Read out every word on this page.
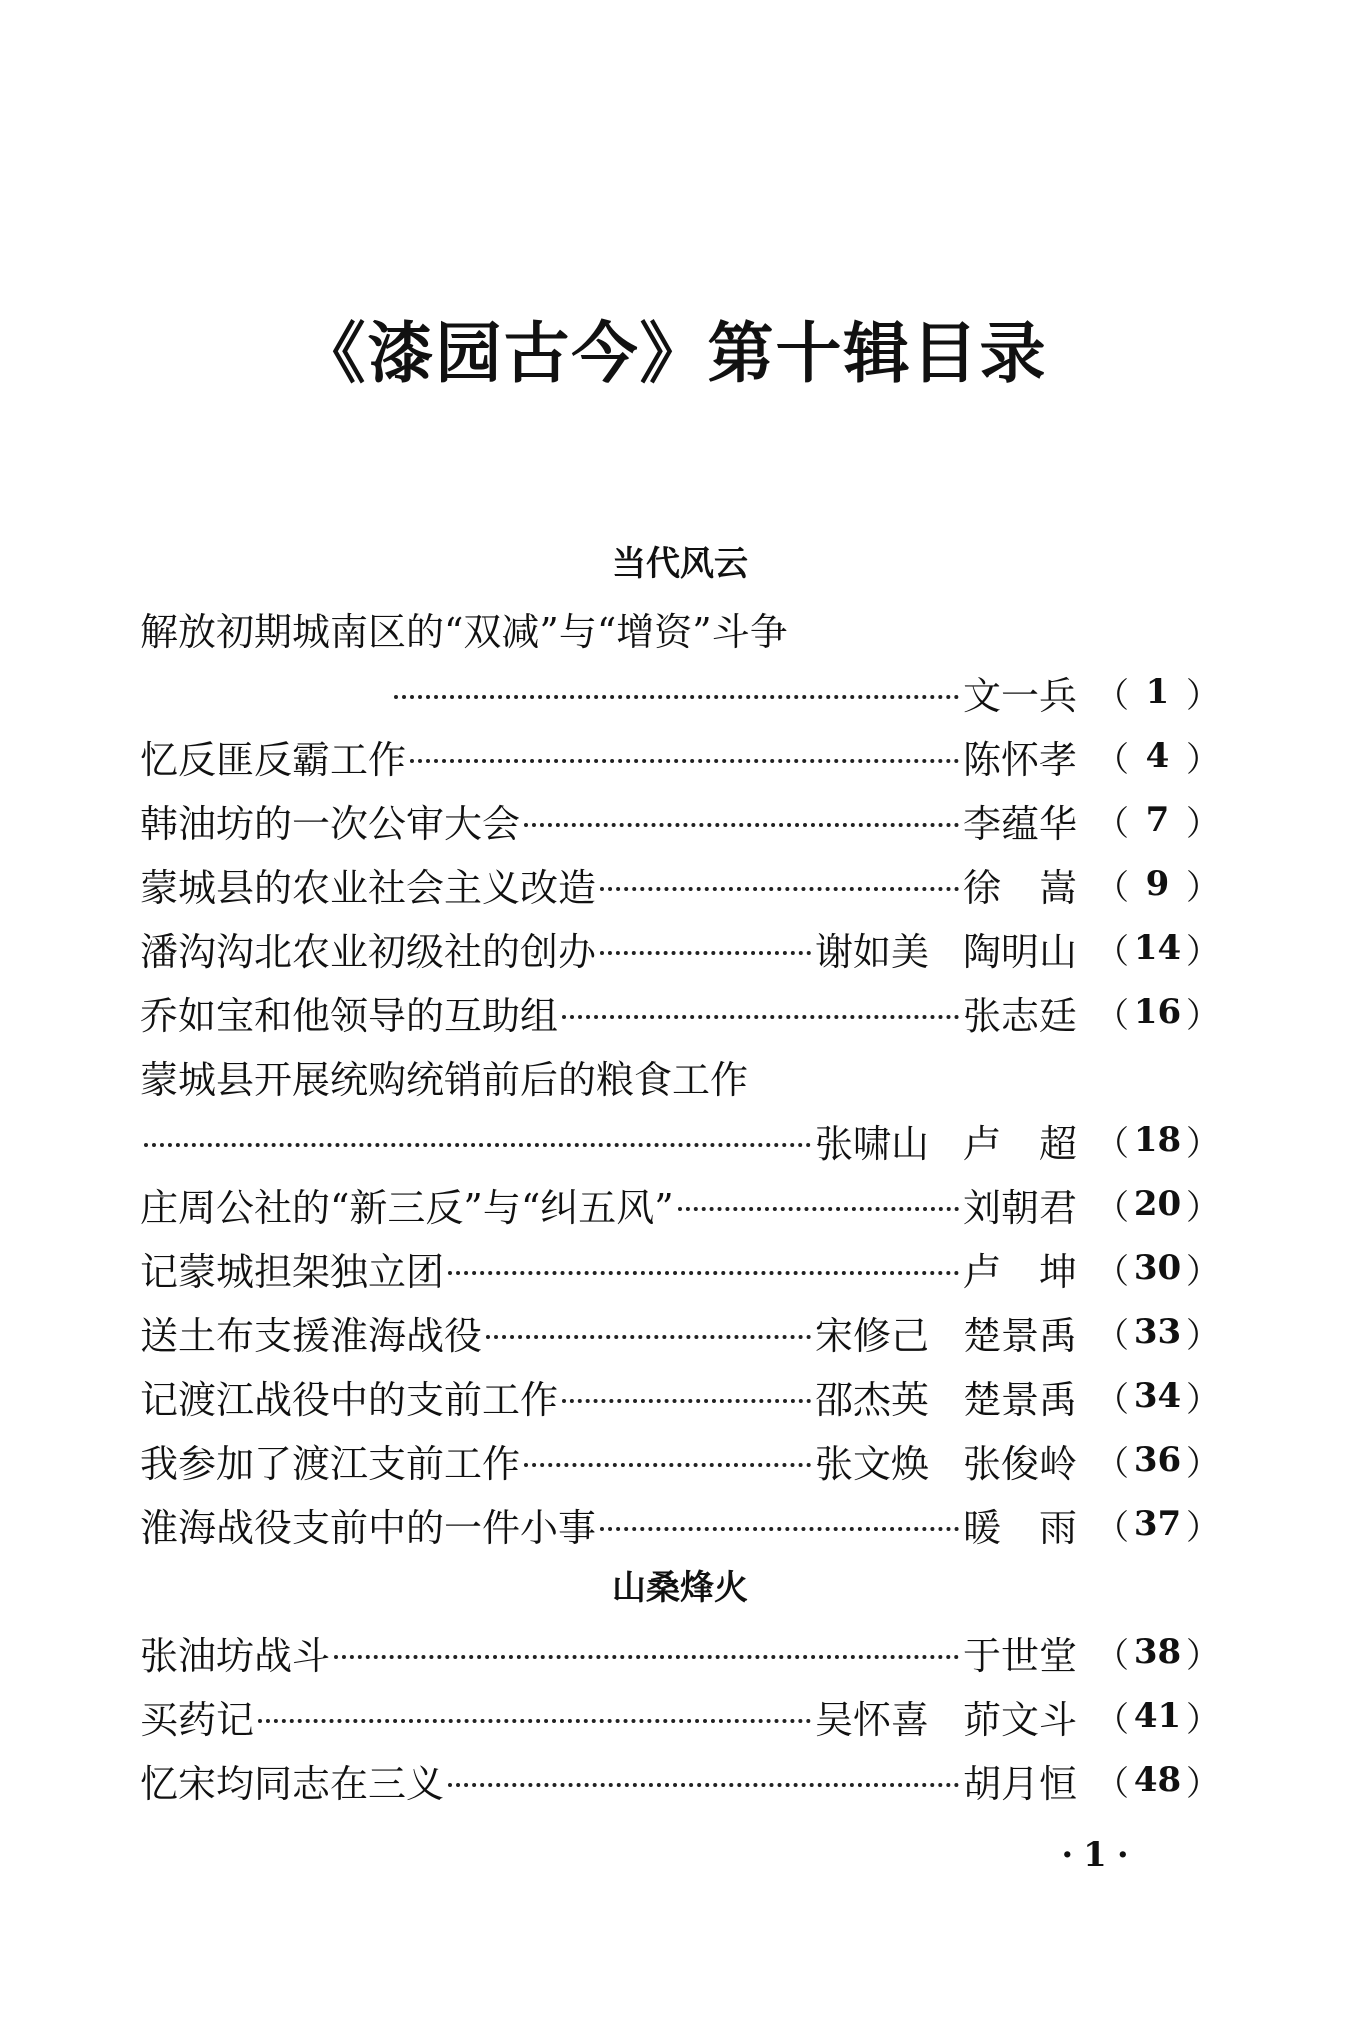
《漆园古今》第十辑目录
当代风云
解放初期城南区的“双减”与“增资”斗争
文一兵 （ 1 ）
忆反匪反霸工作	陈怀孝 （ 4 ）
韩油坊的一次公审大会	李蕴华 （ 7 ）
蒙城县的农业社会主义改造	徐　嵩 （ 9 ）
潘沟沟北农业初级社的创办	谢如美 陶明山 （ 14 ）
乔如宝和他领导的互助组	张志廷 （ 16 ）
蒙城县开展统购统销前后的粮食工作
张啸山 卢　超 （ 18 ）
庄周公社的“新三反”与“纠五风”	刘朝君 （ 20 ）
记蒙城担架独立团	卢　坤 （ 30 ）
送土布支援淮海战役	宋修己 楚景禹 （ 33 ）
记渡江战役中的支前工作	邵杰英 楚景禹 （ 34 ）
我参加了渡江支前工作	张文焕 张俊岭 （ 36 ）
淮海战役支前中的一件小事	暖　雨 （ 37 ）
山桑烽火
张油坊战斗	于世堂 （ 38 ）
买药记	吴怀喜 茆文斗 （ 41 ）
忆宋均同志在三义	胡月恒 （ 48 ）
·1·
